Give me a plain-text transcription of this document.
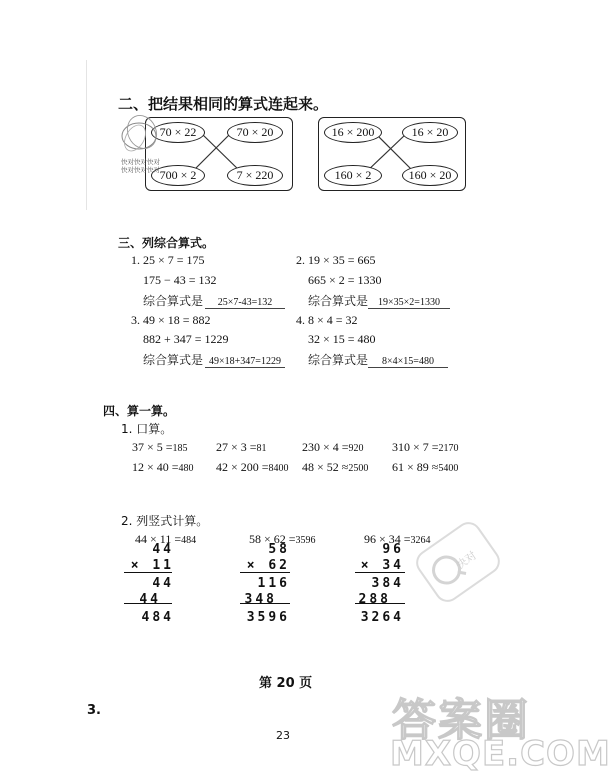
二、把结果相同的算式连起来。
70 × 22	70 × 20
700 × 2	7 × 220
16 × 200	16 × 20
160 × 2	160 × 20
快对快对快对
快对快对快对
三、列综合算式。
1. 25 × 7 = 175
175 − 43 = 132
综合算式是	25×7-43=132
2. 19 × 35 = 665
665 × 2 = 1330
综合算式是	19×35×2=1330
3. 49 × 18 = 882
882 + 347 = 1229
综合算式是 49×18+347=1229
4. 8 × 4 = 32
32 × 15 = 480
综合算式是	8×4×15=480
四、算一算。
1. 口算。
37 × 5 =185 27 × 3 =81	230 × 4 =920 310 × 7 =2170
12 × 40 =480 42 × 200 =8400 48 × 52 ≈2500 61 × 89 ≈5400
2. 列竖式计算。
44 × 11 =484
44
× 11
44
44
484
58 × 62 =3596
58
× 62
116
348
3596
96 × 34 =3264
96
× 34
384
288
3264
快对
第 20 页
3.
23 答案圈
MXQE.COM
